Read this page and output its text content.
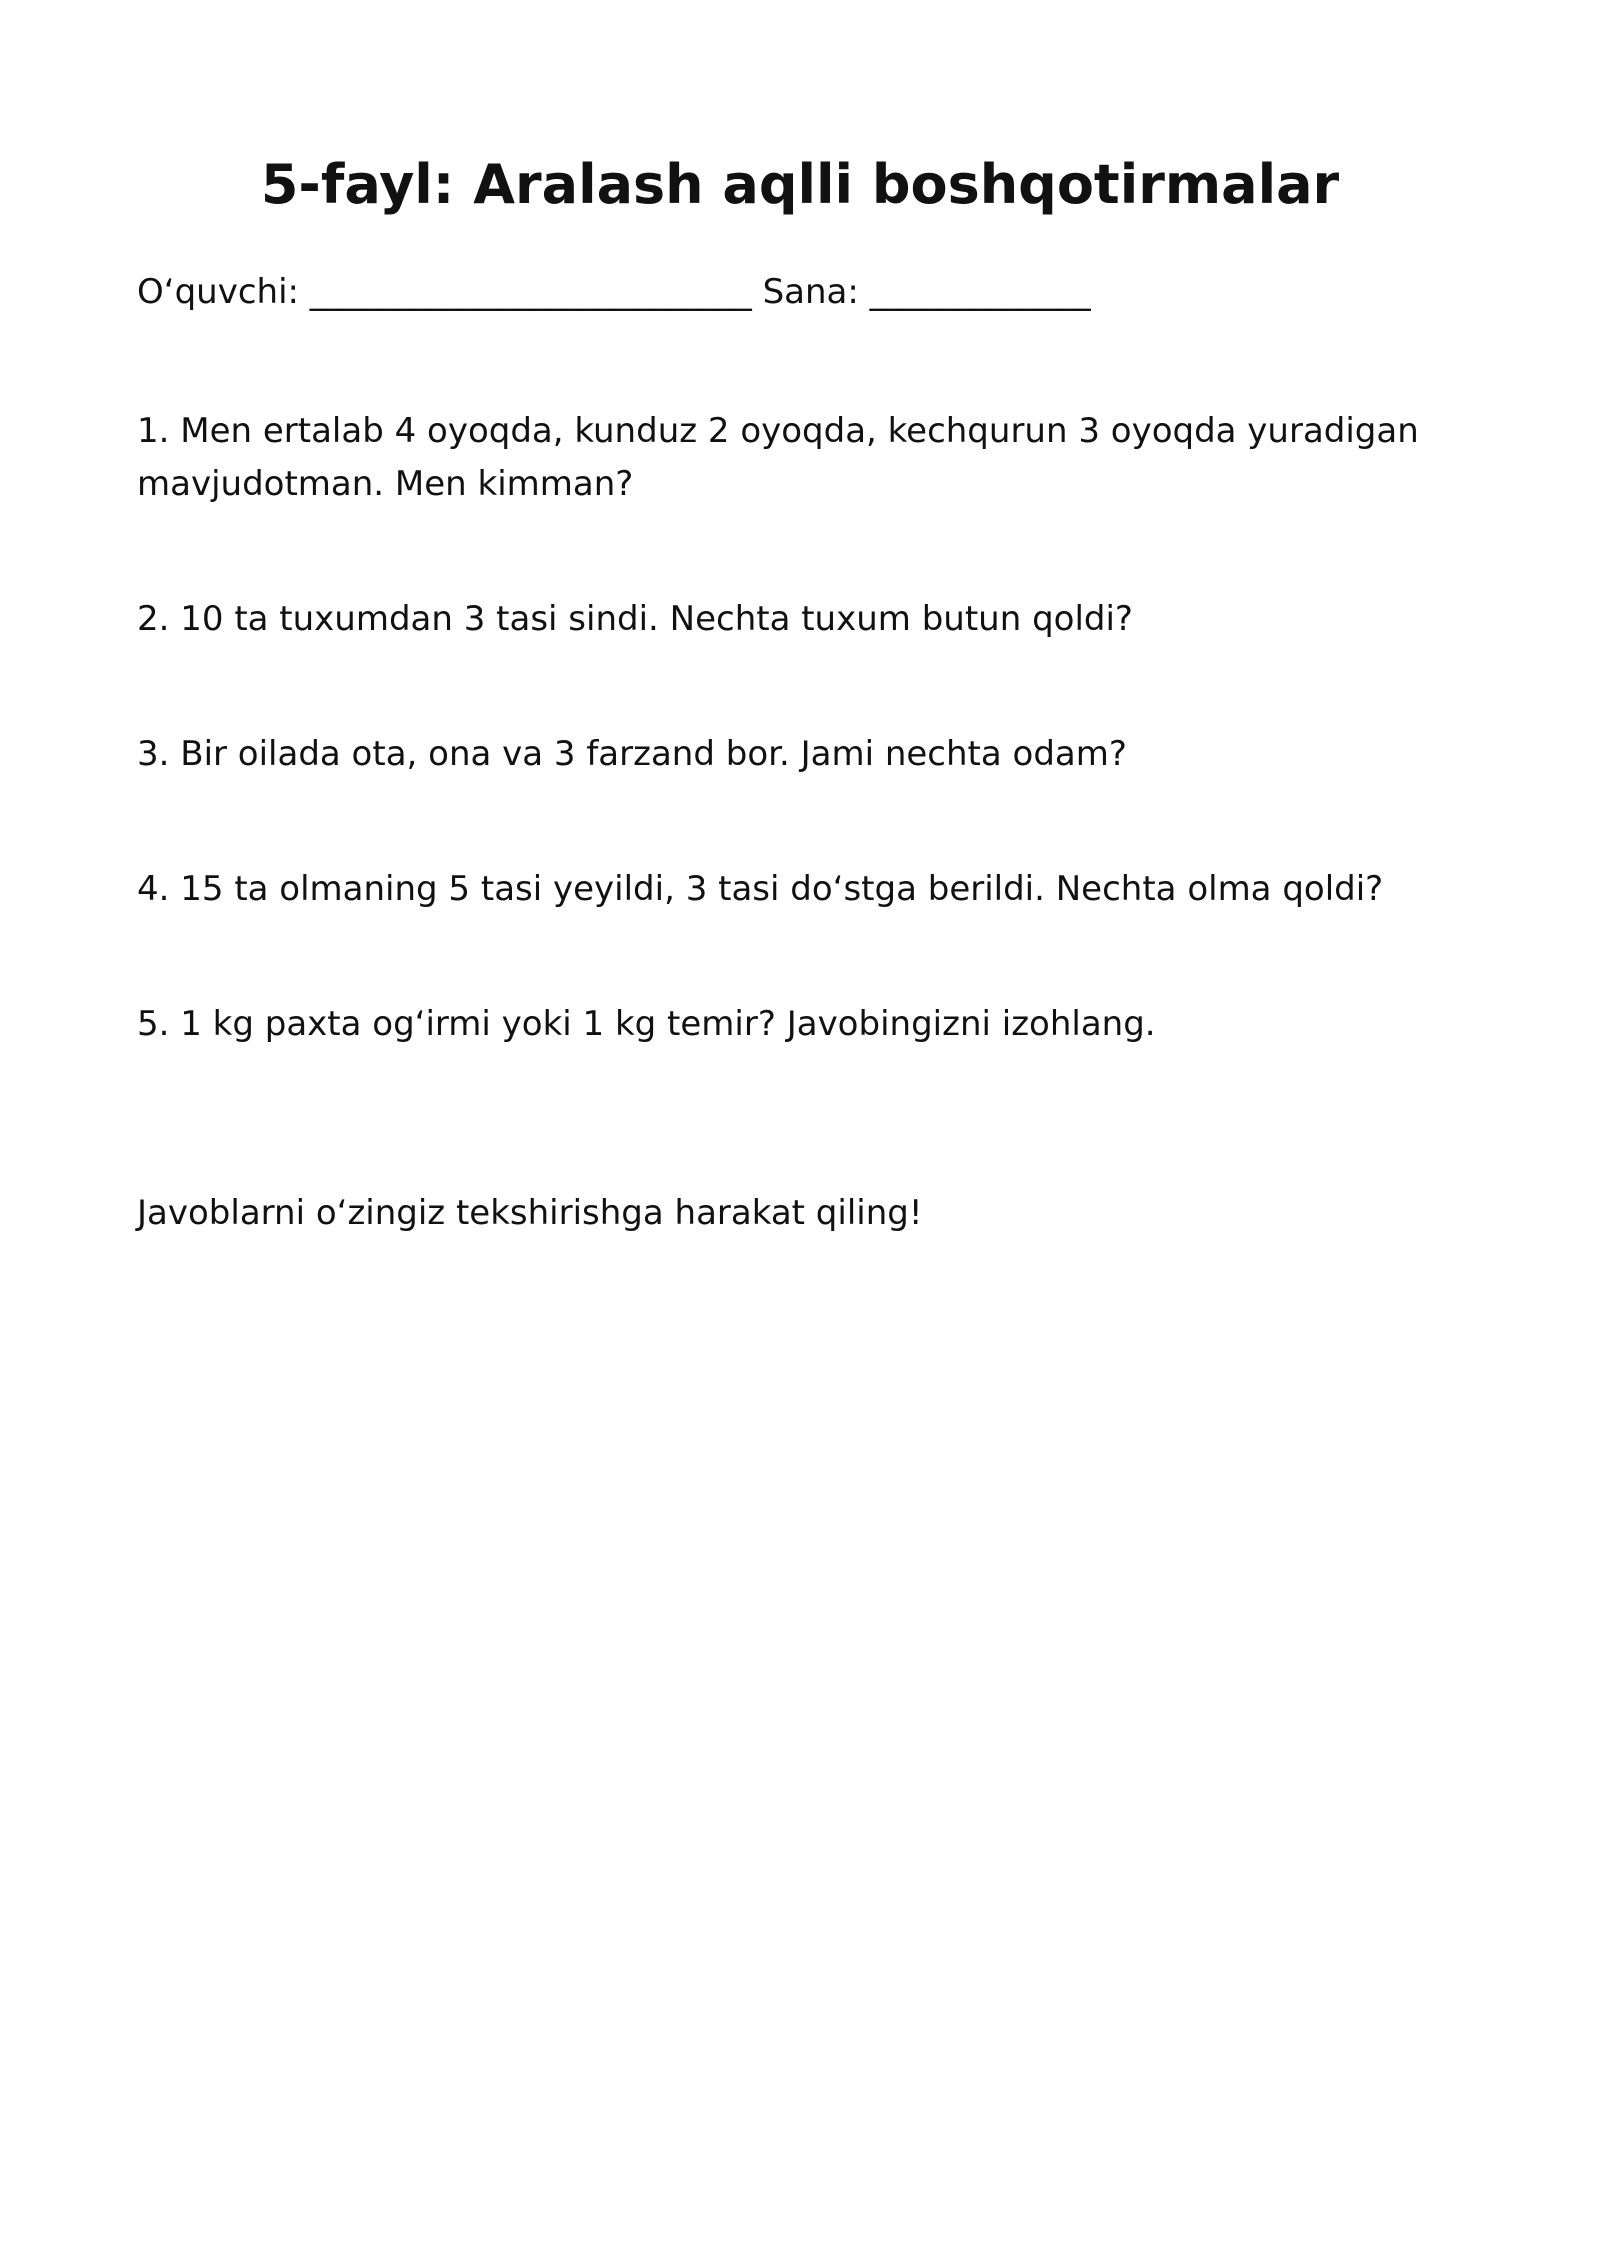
5-fayl: Aralash aqlli boshqotirmalar

O‘quvchi: __________________________ Sana: _____________

1. Men ertalab 4 oyoqda, kunduz 2 oyoqda, kechqurun 3 oyoqda yuradigan mavjudotman. Men kimman?

2. 10 ta tuxumdan 3 tasi sindi. Nechta tuxum butun qoldi?

3. Bir oilada ota, ona va 3 farzand bor. Jami nechta odam?

4. 15 ta olmaning 5 tasi yeyildi, 3 tasi do‘stga berildi. Nechta olma qoldi?

5. 1 kg paxta og‘irmi yoki 1 kg temir? Javobingizni izohlang.

Javoblarni o‘zingiz tekshirishga harakat qiling!
